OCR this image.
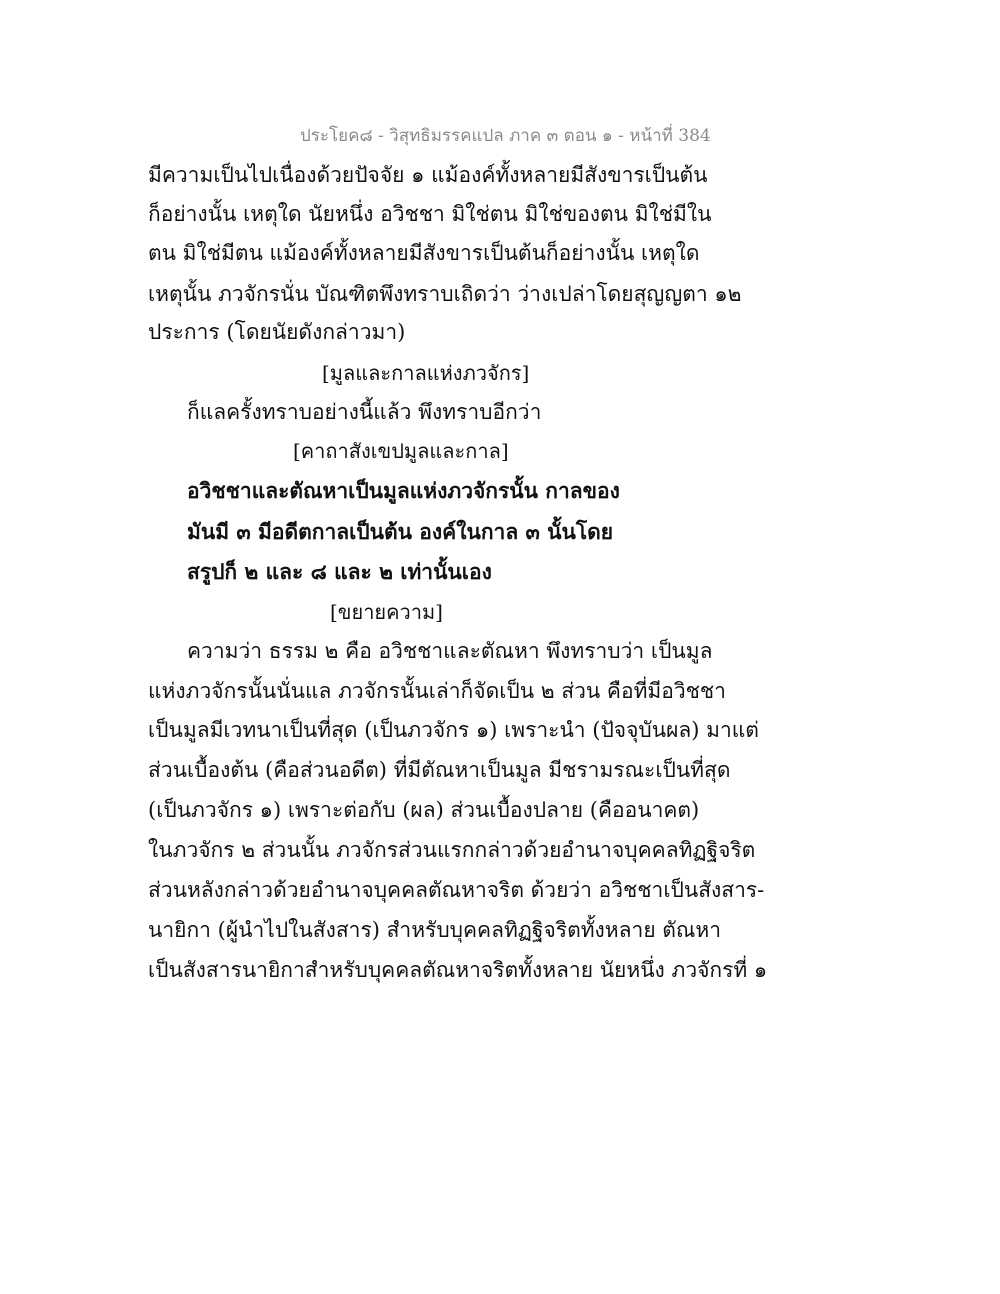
ประโยค๘ - วิสุทธิมรรคแปล ภาค ๓ ตอน ๑ - หน้าที่ 384
มีความเป็นไปเนื่องด้วยปัจจัย ๑ แม้องค์ทั้งหลายมีสังขารเป็นต้น
ก็อย่างนั้น เหตุใด นัยหนึ่ง อวิชชา มิใช่ตน มิใช่ของตน มิใช่มีใน
ตน มิใช่มีตน แม้องค์ทั้งหลายมีสังขารเป็นต้นก็อย่างนั้น เหตุใด
เหตุนั้น ภวจักรนั่น บัณฑิตพึงทราบเถิดว่า ว่างเปล่าโดยสุญญตา ๑๒
ประการ (โดยนัยดังกล่าวมา)
[มูลและกาลแห่งภวจักร]
ก็แลครั้งทราบอย่างนี้แล้ว พึงทราบอีกว่า
[คาถาสังเขปมูลและกาล]
อวิชชาและตัณหาเป็นมูลแห่งภวจักรนั้น กาลของ
มันมี ๓ มีอดีตกาลเป็นต้น องค์ในกาล ๓ นั้นโดย
สรูปก็ ๒ และ ๘ และ ๒ เท่านั้นเอง
[ขยายความ]
ความว่า ธรรม ๒ คือ อวิชชาและตัณหา พึงทราบว่า เป็นมูล
แห่งภวจักรนั้นนั่นแล ภวจักรนั้นเล่าก็จัดเป็น ๒ ส่วน คือที่มีอวิชชา
เป็นมูลมีเวทนาเป็นที่สุด (เป็นภวจักร ๑) เพราะนำ (ปัจจุบันผล) มาแต่
ส่วนเบื้องต้น (คือส่วนอดีต) ที่มีตัณหาเป็นมูล มีชรามรณะเป็นที่สุด
(เป็นภวจักร ๑) เพราะต่อกับ (ผล) ส่วนเบื้องปลาย (คืออนาคต)
ในภวจักร ๒ ส่วนนั้น ภวจักรส่วนแรกกล่าวด้วยอำนาจบุคคลทิฏฐิจริต
ส่วนหลังกล่าวด้วยอำนาจบุคคลตัณหาจริต ด้วยว่า อวิชชาเป็นสังสาร-
นายิกา (ผู้นำไปในสังสาร) สำหรับบุคคลทิฏฐิจริตทั้งหลาย ตัณหา
เป็นสังสารนายิกาสำหรับบุคคลตัณหาจริตทั้งหลาย นัยหนึ่ง ภวจักรที่ ๑
